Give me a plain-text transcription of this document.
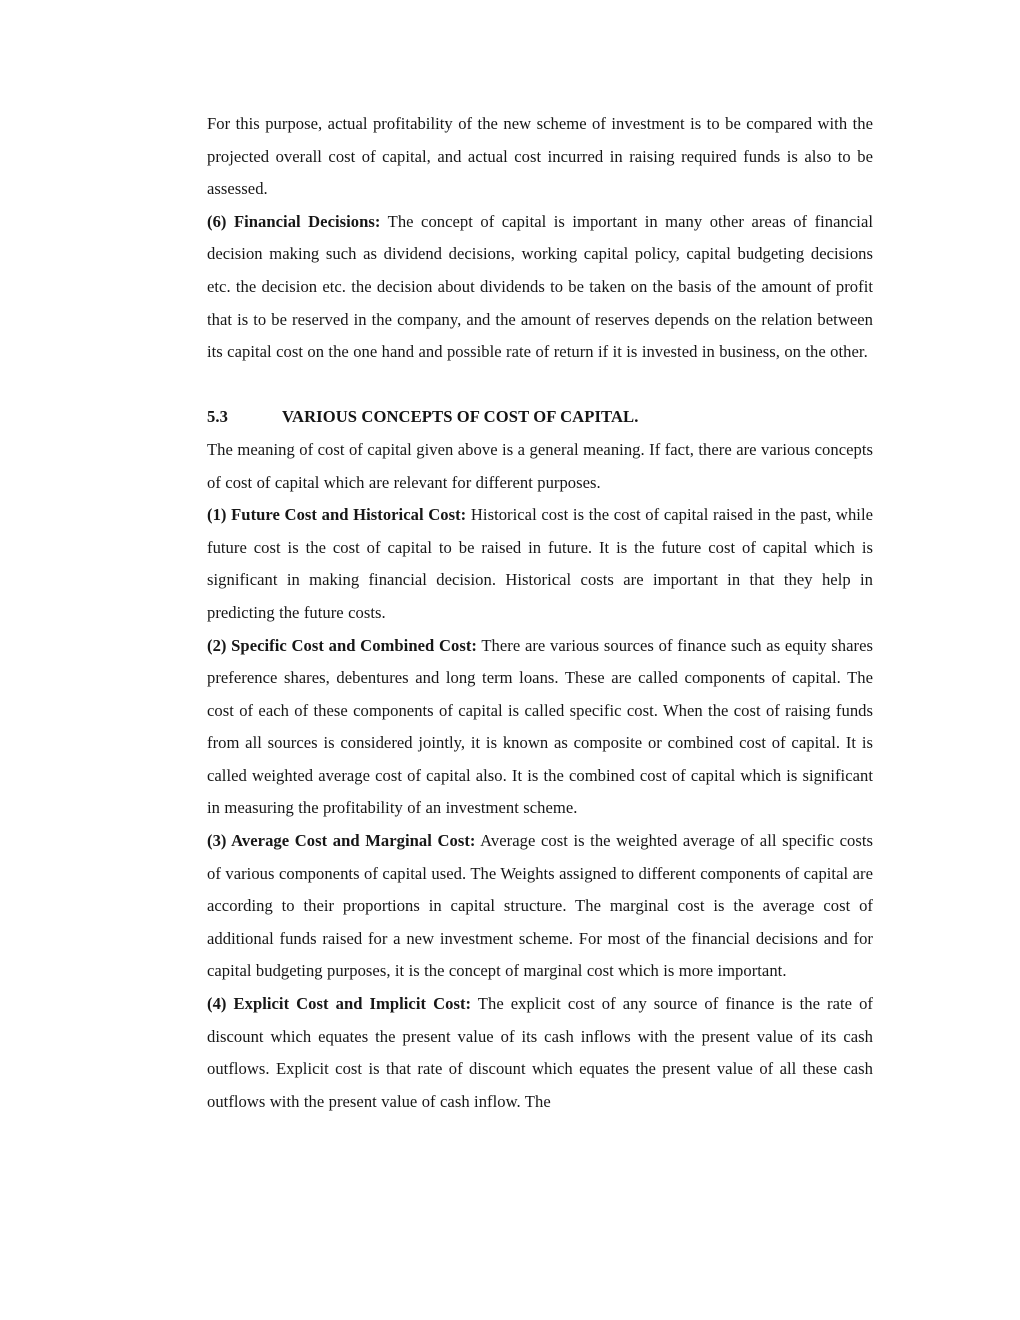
For this purpose, actual profitability of the new scheme of investment is to be compared with the projected overall cost of capital, and actual cost incurred in raising required funds is also to be assessed.

(6) Financial Decisions: The concept of capital is important in many other areas of financial decision making such as dividend decisions, working capital policy, capital budgeting decisions etc. the decision etc. the decision about dividends to be taken on the basis of the amount of profit that is to be reserved in the company, and the amount of reserves depends on the relation between its capital cost on the one hand and possible rate of return if it is invested in business, on the other.

5.3	VARIOUS CONCEPTS OF COST OF CAPITAL.

The meaning of cost of capital given above is a general meaning. If fact, there are various concepts of cost of capital which are relevant for different purposes.

(1) Future Cost and Historical Cost: Historical cost is the cost of capital raised in the past, while future cost is the cost of capital to be raised in future. It is the future cost of capital which is significant in making financial decision. Historical costs are important in that they help in predicting the future costs.

(2) Specific Cost and Combined Cost: There are various sources of finance such as equity shares preference shares, debentures and long term loans. These are called components of capital. The cost of each of these components of capital is called specific cost. When the cost of raising funds from all sources is considered jointly, it is known as composite or combined cost of capital. It is called weighted average cost of capital also. It is the combined cost of capital which is significant in measuring the profitability of an investment scheme.

(3) Average Cost and Marginal Cost: Average cost is the weighted average of all specific costs of various components of capital used. The Weights assigned to different components of capital are according to their proportions in capital structure. The marginal cost is the average cost of additional funds raised for a new investment scheme. For most of the financial decisions and for capital budgeting purposes, it is the concept of marginal cost which is more important.

(4) Explicit Cost and Implicit Cost: The explicit cost of any source of finance is the rate of discount which equates the present value of its cash inflows with the present value of its cash outflows. Explicit cost is that rate of discount which equates the present value of all these cash outflows with the present value of cash inflow. The
